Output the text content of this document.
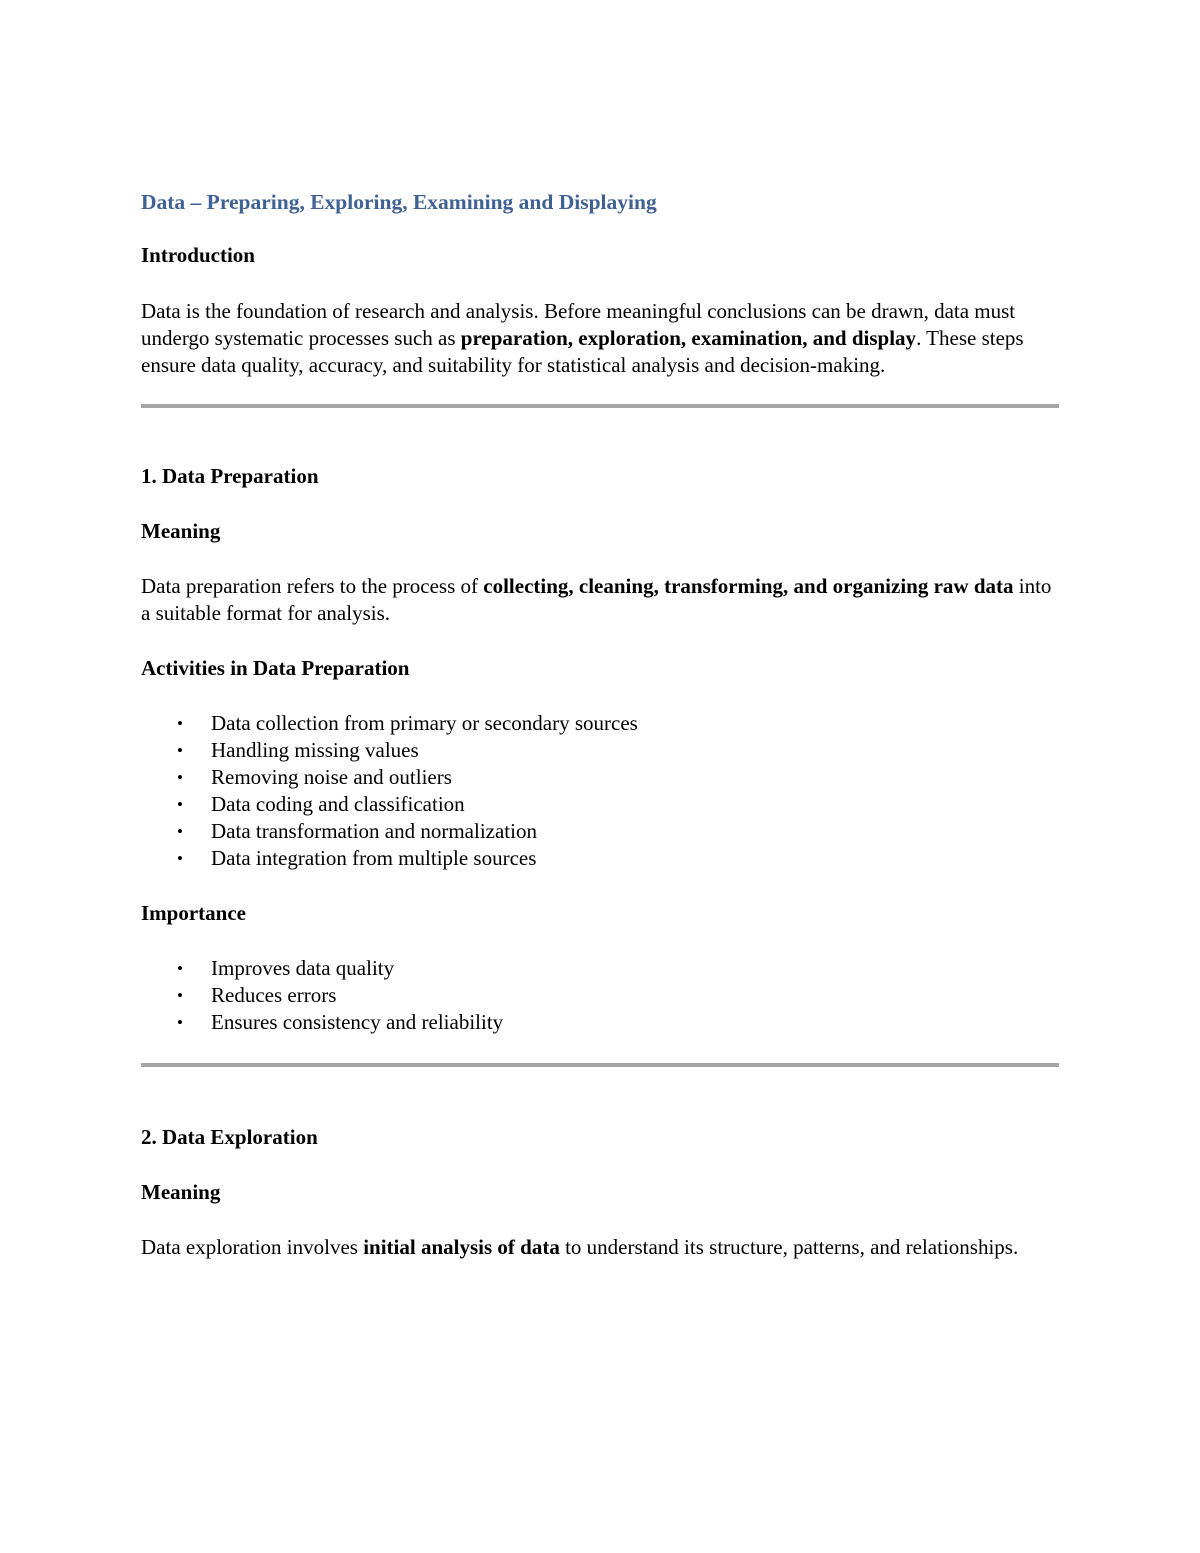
Data – Preparing, Exploring, Examining and Displaying
Introduction

Data is the foundation of research and analysis. Before meaningful conclusions can be drawn, data must undergo systematic processes such as preparation, exploration, examination, and display. These steps ensure data quality, accuracy, and suitability for statistical analysis and decision-making.

1. Data Preparation
Meaning

Data preparation refers to the process of collecting, cleaning, transforming, and organizing raw data into a suitable format for analysis.

Activities in Data Preparation
• Data collection from primary or secondary sources
• Handling missing values
• Removing noise and outliers
• Data coding and classification
• Data transformation and normalization
• Data integration from multiple sources
Importance
• Improves data quality
• Reduces errors
• Ensures consistency and reliability
2. Data Exploration
Meaning

Data exploration involves initial analysis of data to understand its structure, patterns, and relationships.
